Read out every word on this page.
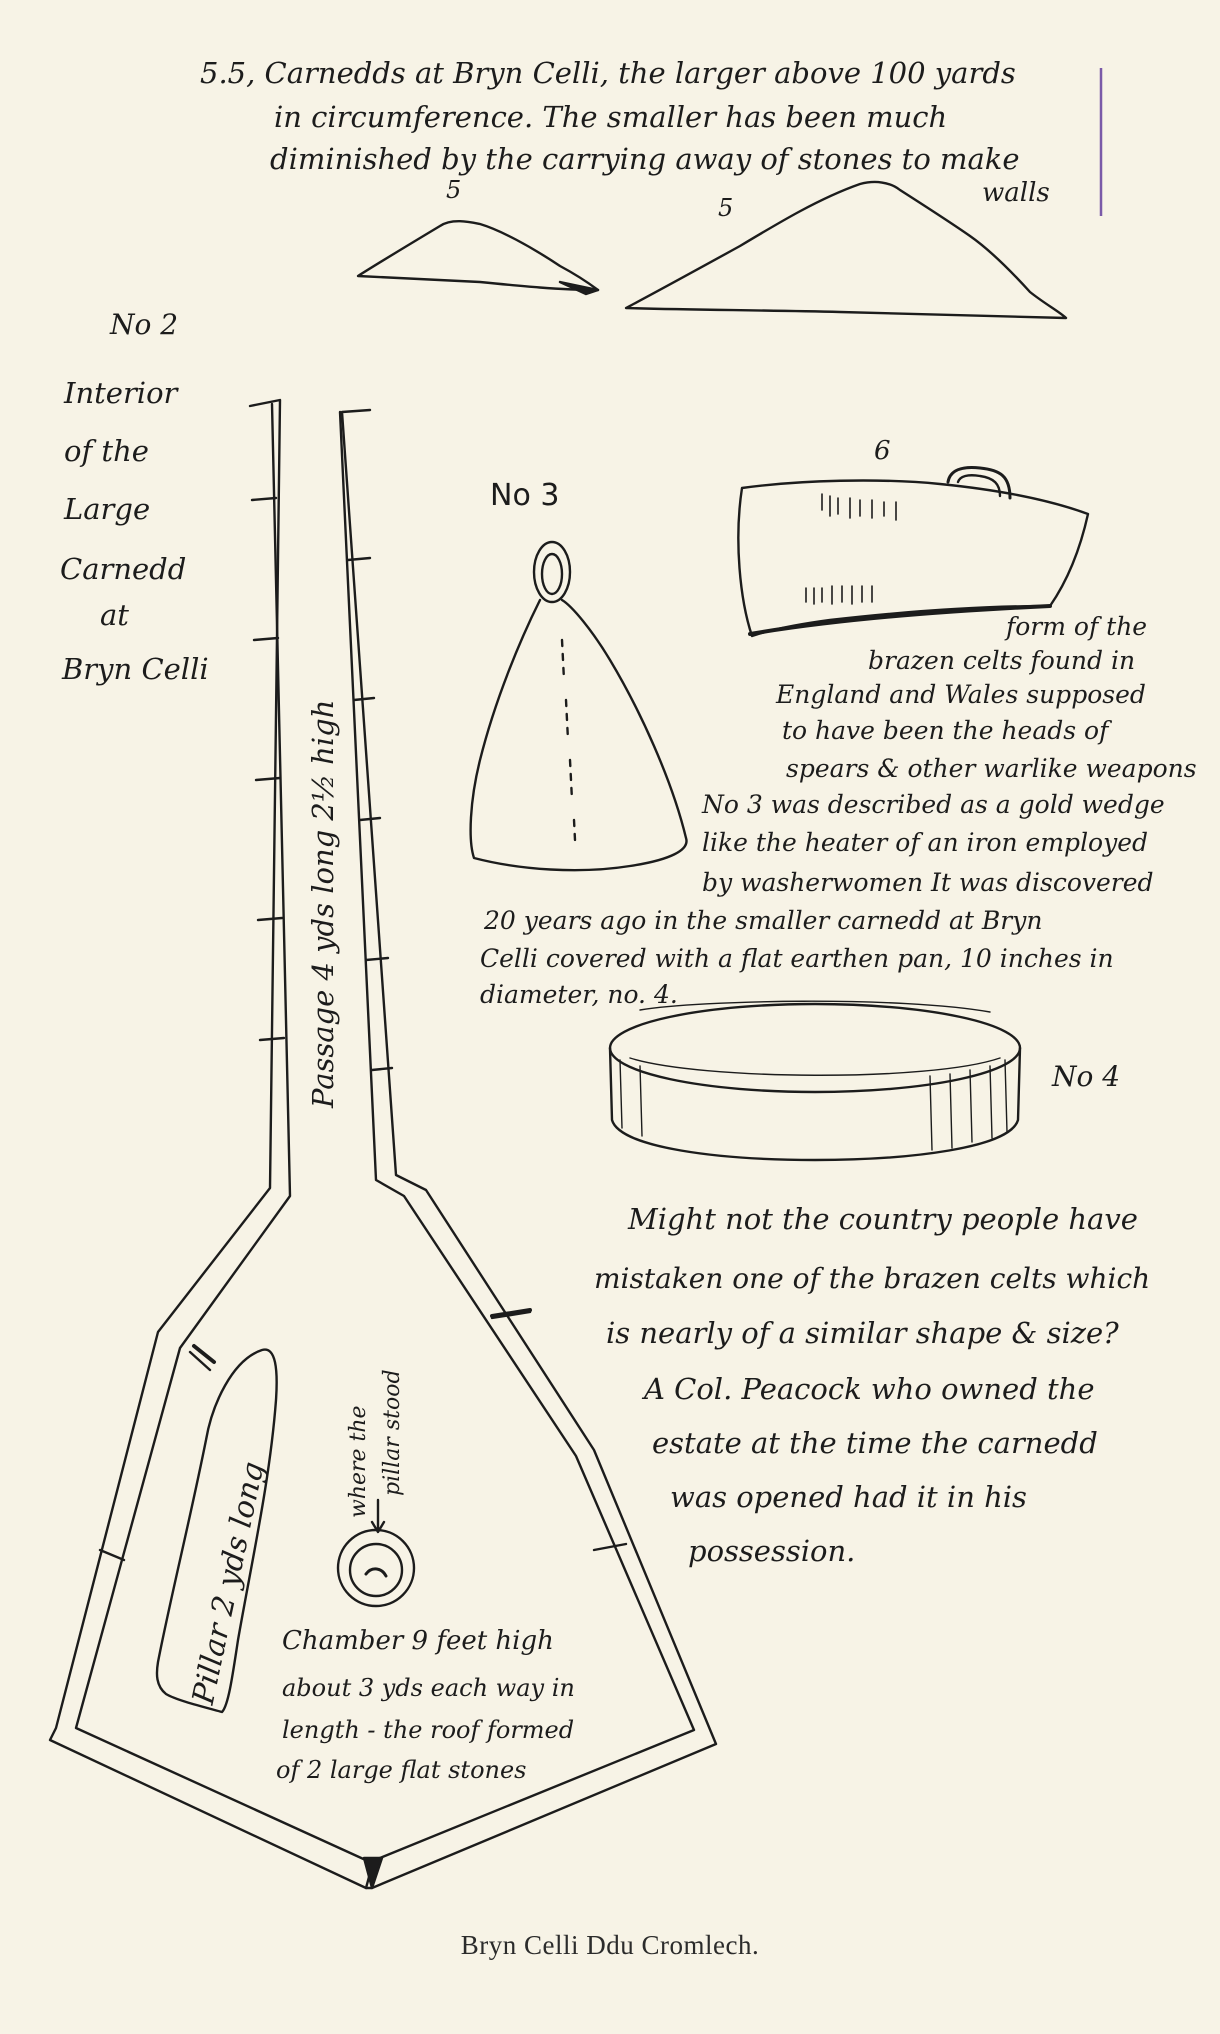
5.5, Carnedds at Bryn Celli, the larger above 100 yards
in circumference. The smaller has been much
diminished by the carrying away of stones to make
walls
5
5
No 2
Interior
of the
Large
Carnedd
at
Bryn Celli
Passage 4 yds long 2½ high
Pillar 2 yds long	where the pillar stood
Chamber 9 feet high
about 3 yds each way in
length - the roof formed
of 2 large flat stones
No 3
6
form of the
brazen celts found in
England and Wales supposed
to have been the heads of
spears & other warlike weapons
No 3 was described as a gold wedge
like the heater of an iron employed
by washerwomen It was discovered
20 years ago in the smaller carnedd at Bryn
Celli covered with a flat earthen pan, 10 inches in
diameter, no. 4.
No 4
Might not the country people have
mistaken one of the brazen celts which
is nearly of a similar shape & size?
A Col. Peacock who owned the
estate at the time the carnedd
was opened had it in his
possession.
Bryn Celli Ddu Cromlech.
